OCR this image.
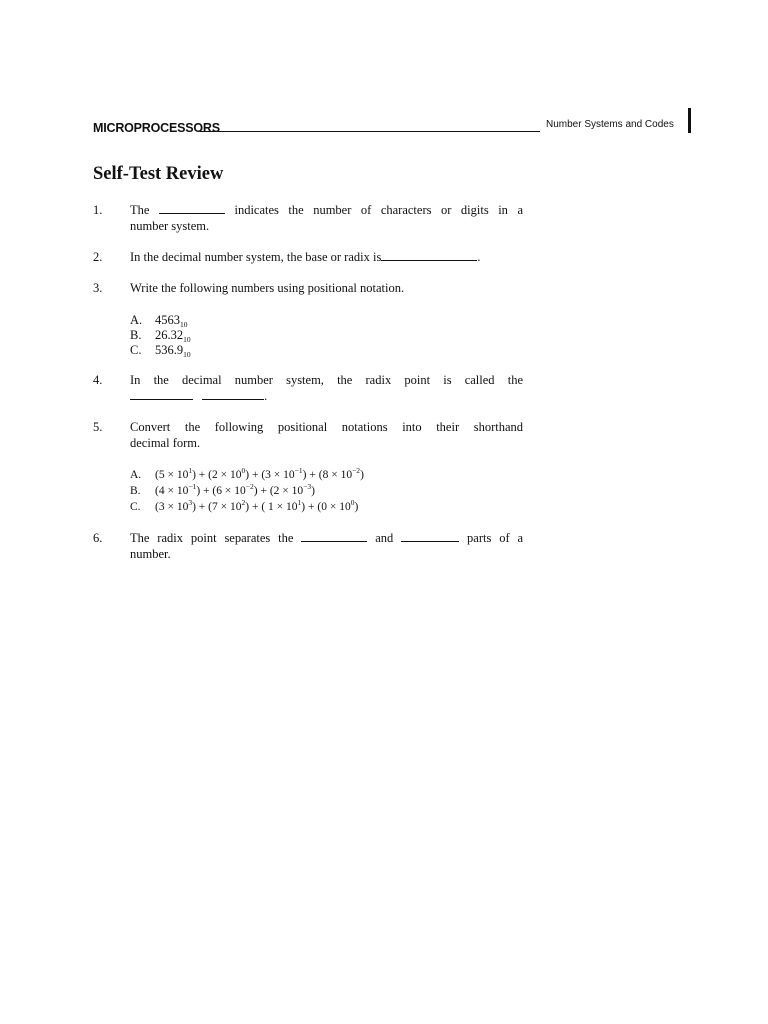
MICROPROCESSORS	Number Systems and Codes
Self-Test Review
1. The	indicates the number of characters or digits in a
number system.
2. In the decimal number system, the base or radix is	.
3. Write the following numbers using positional notation.
A. $4563_{10}$
B. $26.32_{10}$
C. $536.9_{10}$
4. In the decimal number system, the radix point is called the
.
5. Convert the following positional notations into their shorthand
decimal form.
A. $(5 \times 10^1) + (2 \times 10^0) + (3 \times 10^{-1}) + (8 \times 10^{-2})$
B. $(4 \times 10^{-1}) + (6 \times 10^{-2}) + (2 \times 10^{-3})$
C. $(3 \times 10^3) + (7 \times 10^2)$ + ( $1 \times 10^1) + (0 \times 10^0)$
6. The radix point separates the	and	parts of a
number.
